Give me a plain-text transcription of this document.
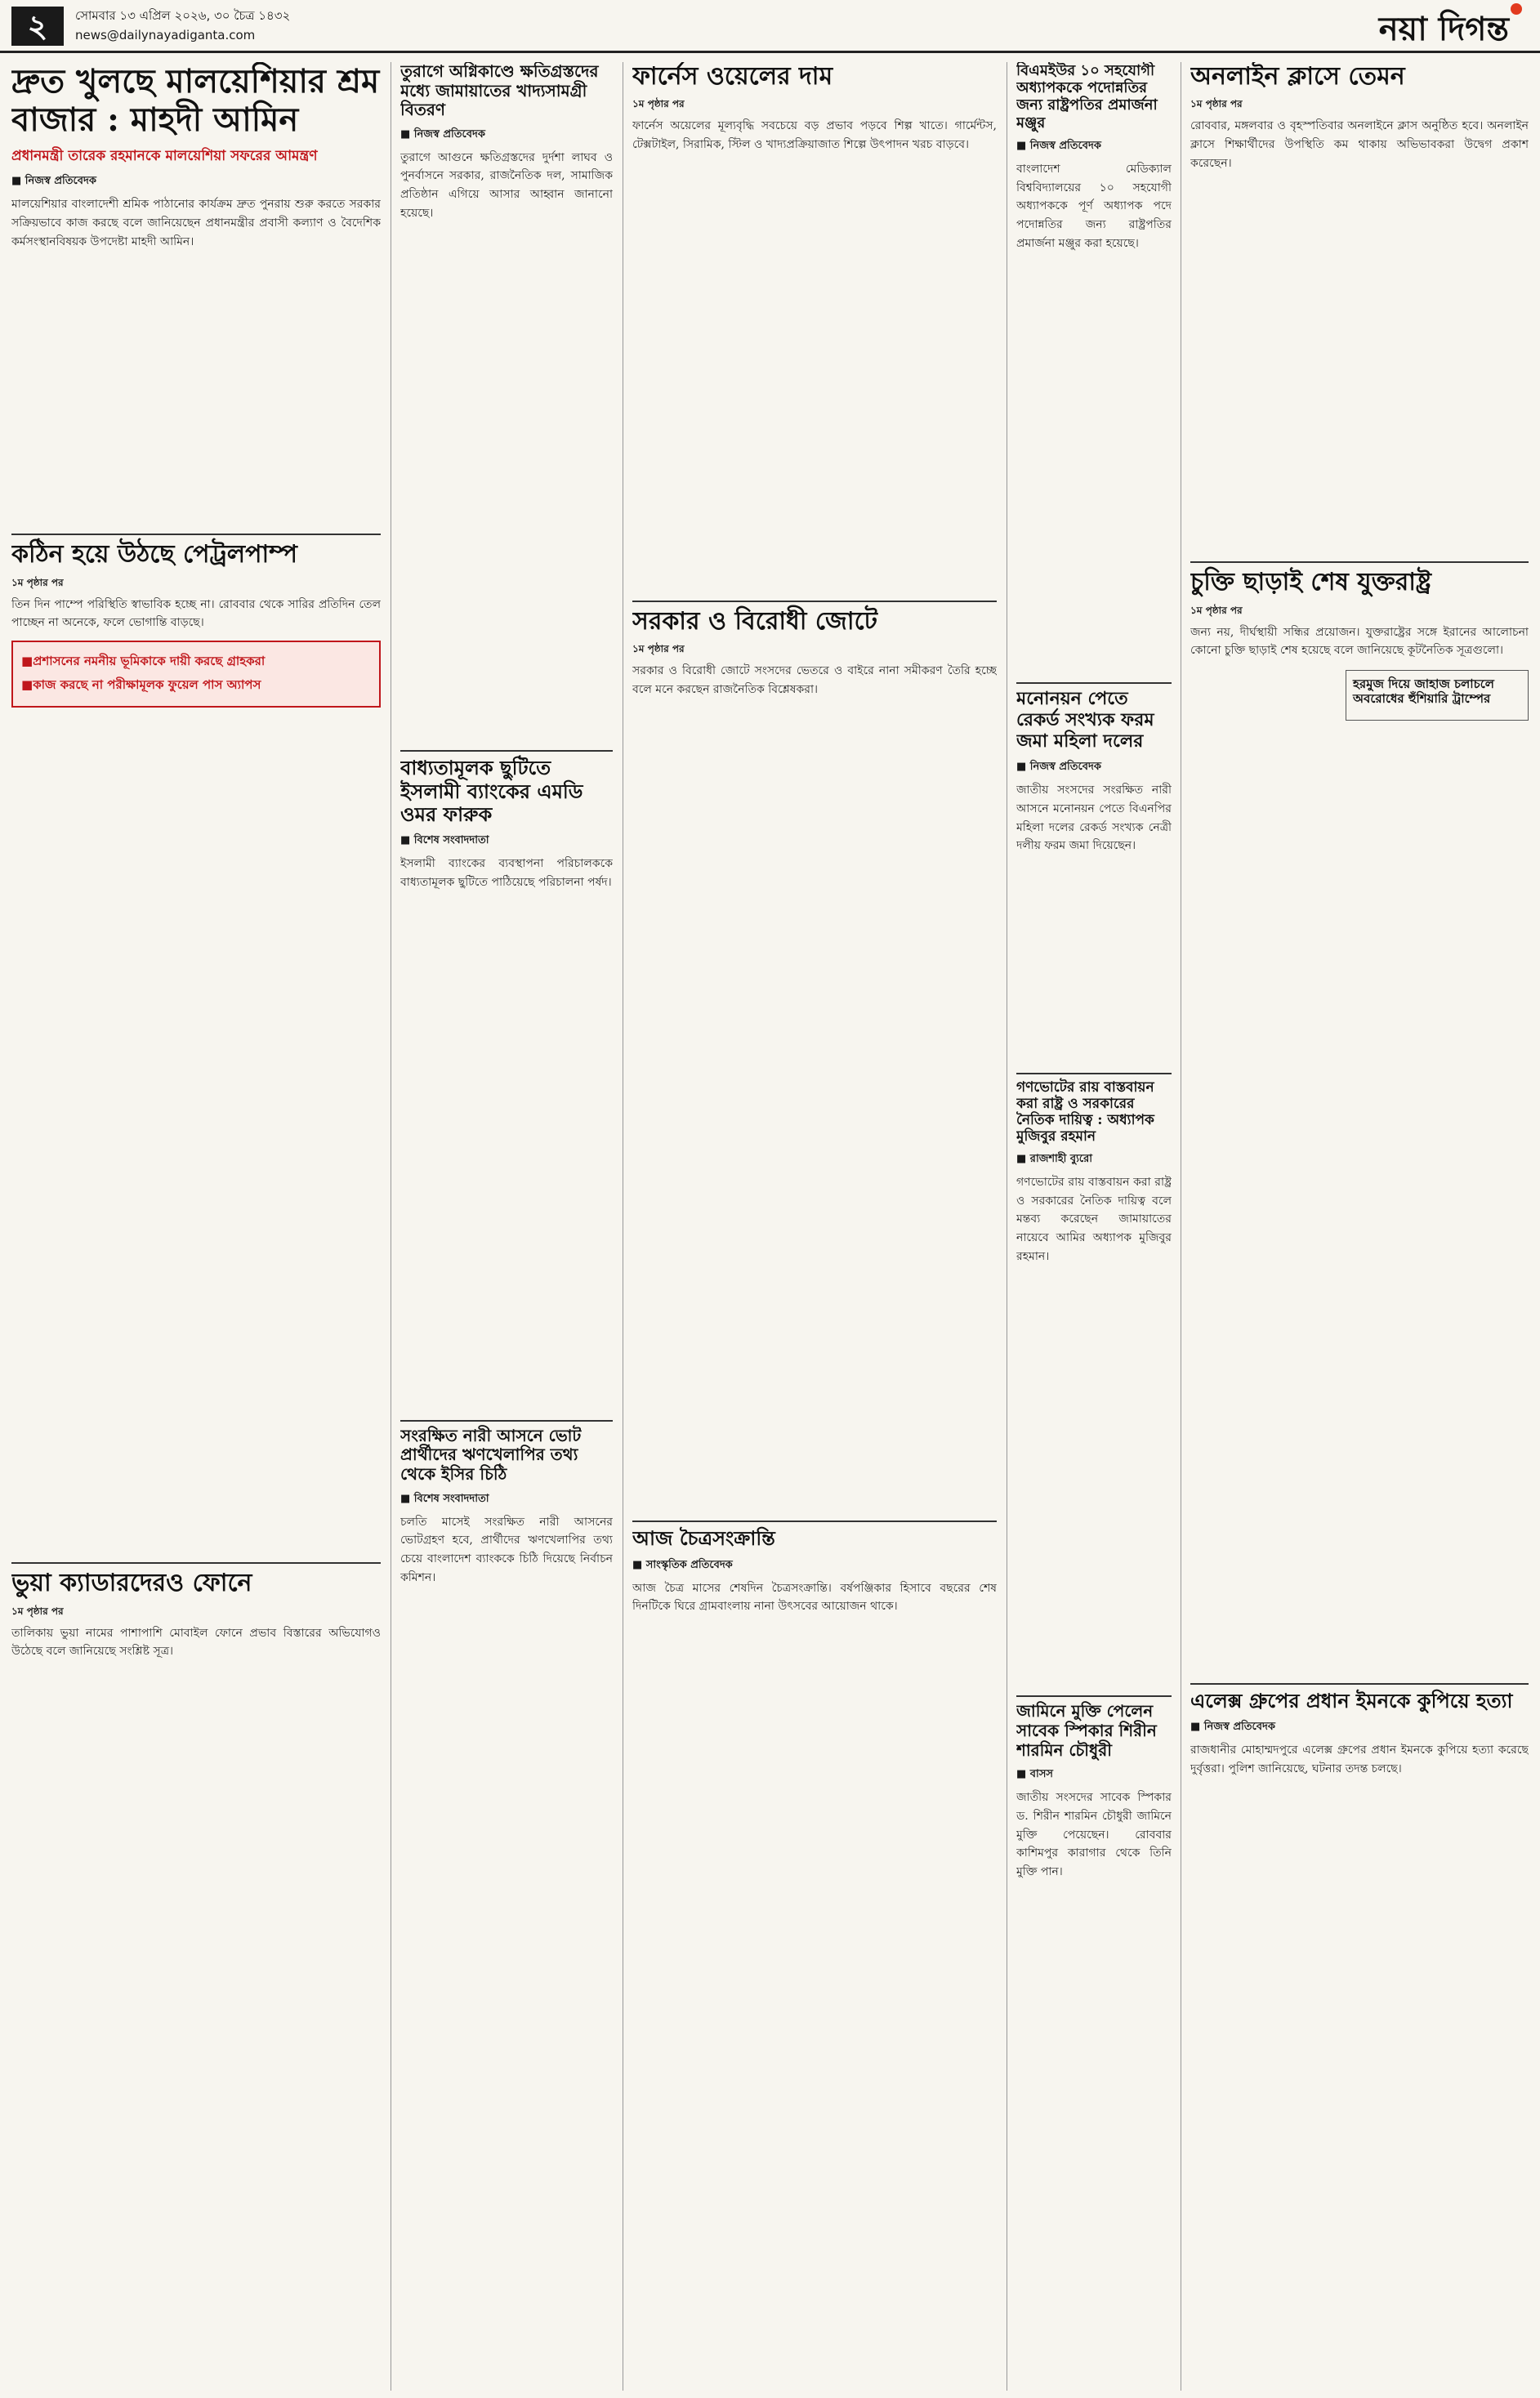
২	সোমবার ১৩ এপ্রিল ২০২৬, ৩০ চৈত্র ১৪৩২
news@dailynayadiganta.com	নয়া দিগন্ত
দ্রুত খুলছে মালয়েশিয়ার শ্রম বাজার : মাহদী আমিন
প্রধানমন্ত্রী তারেক রহমানকে মালয়েশিয়া সফরের আমন্ত্রণ
■ নিজস্ব প্রতিবেদক

মালয়েশিয়ার বাংলাদেশী শ্রমিক পাঠানোর কার্যক্রম দ্রুত পুনরায় শুরু করতে সরকার সক্রিয়ভাবে কাজ করছে বলে জানিয়েছেন প্রধানমন্ত্রীর প্রবাসী কল্যাণ ও বৈদেশিক কর্মসংস্থানবিষয়ক উপদেষ্টা মাহদী আমিন।

কঠিন হয়ে উঠছে পেট্রলপাম্প
১ম পৃষ্ঠার পর

তিন দিন পাম্পে পরিস্থিতি স্বাভাবিক হচ্ছে না। রোববার থেকে সারির প্রতিদিন তেল পাচ্ছেন না অনেকে, ফলে ভোগান্তি বাড়ছে।

■ প্রশাসনের নমনীয় ভূমিকাকে দায়ী করছে গ্রাহকরা
■ কাজ করছে না পরীক্ষামূলক ফুয়েল পাস অ্যাপস

ভুয়া ক্যাডারদেরও ফোনে
১ম পৃষ্ঠার পর

তালিকায় ভুয়া নামের পাশাপাশি মোবাইল ফোনে প্রভাব বিস্তারের অভিযোগও উঠেছে বলে জানিয়েছে সংশ্লিষ্ট সূত্র।

তুরাগে অগ্নিকাণ্ডে ক্ষতিগ্রস্তদের মধ্যে জামায়াতের খাদ্যসামগ্রী বিতরণ
■ নিজস্ব প্রতিবেদক

তুরাগে আগুনে ক্ষতিগ্রস্তদের দুর্দশা লাঘব ও পুনর্বাসনে সরকার, রাজনৈতিক দল, সামাজিক প্রতিষ্ঠান এগিয়ে আসার আহ্বান জানানো হয়েছে।

বাধ্যতামূলক ছুটিতে ইসলামী ব্যাংকের এমডি ওমর ফারুক
■ বিশেষ সংবাদদাতা

ইসলামী ব্যাংকের ব্যবস্থাপনা পরিচালককে বাধ্যতামূলক ছুটিতে পাঠিয়েছে পরিচালনা পর্ষদ।

সংরক্ষিত নারী আসনে ভোট প্রার্থীদের ঋণখেলাপির তথ্য থেকে ইসির চিঠি
■ বিশেষ সংবাদদাতা

চলতি মাসেই সংরক্ষিত নারী আসনের ভোটগ্রহণ হবে, প্রার্থীদের ঋণখেলাপির তথ্য চেয়ে বাংলাদেশ ব্যাংককে চিঠি দিয়েছে নির্বাচন কমিশন।

ফার্নেস ওয়েলের দাম
১ম পৃষ্ঠার পর

ফার্নেস অয়েলের মূল্যবৃদ্ধি সবচেয়ে বড় প্রভাব পড়বে শিল্প খাতে। গার্মেন্টস, টেক্সটাইল, সিরামিক, স্টিল ও খাদ্যপ্রক্রিয়াজাত শিল্পে উৎপাদন খরচ বাড়বে।

সরকার ও বিরোধী জোটে
১ম পৃষ্ঠার পর

সরকার ও বিরোধী জোটে সংসদের ভেতরে ও বাইরে নানা সমীকরণ তৈরি হচ্ছে বলে মনে করছেন রাজনৈতিক বিশ্লেষকরা।

আজ চৈত্রসংক্রান্তি
■ সাংস্কৃতিক প্রতিবেদক

আজ চৈত্র মাসের শেষদিন চৈত্রসংক্রান্তি। বর্ষপঞ্জিকার হিসাবে বছরের শেষ দিনটিকে ঘিরে গ্রামবাংলায় নানা উৎসবের আয়োজন থাকে।

বিএমইউর ১০ সহযোগী অধ্যাপককে পদোন্নতির জন্য রাষ্ট্রপতির প্রমার্জনা মঞ্জুর
■ নিজস্ব প্রতিবেদক

বাংলাদেশ মেডিক্যাল বিশ্ববিদ্যালয়ের ১০ সহযোগী অধ্যাপককে পূর্ণ অধ্যাপক পদে পদোন্নতির জন্য রাষ্ট্রপতির প্রমার্জনা মঞ্জুর করা হয়েছে।

মনোনয়ন পেতে রেকর্ড সংখ্যক ফরম জমা মহিলা দলের
■ নিজস্ব প্রতিবেদক

জাতীয় সংসদের সংরক্ষিত নারী আসনে মনোনয়ন পেতে বিএনপির মহিলা দলের রেকর্ড সংখ্যক নেত্রী দলীয় ফরম জমা দিয়েছেন।

গণভোটের রায় বাস্তবায়ন করা রাষ্ট্র ও সরকারের নৈতিক দায়িত্ব : অধ্যাপক মুজিবুর রহমান
■ রাজশাহী ব্যুরো

গণভোটের রায় বাস্তবায়ন করা রাষ্ট্র ও সরকারের নৈতিক দায়িত্ব বলে মন্তব্য করেছেন জামায়াতের নায়েবে আমির অধ্যাপক মুজিবুর রহমান।

জামিনে মুক্তি পেলেন সাবেক স্পিকার শিরীন শারমিন চৌধুরী
■ বাসস

জাতীয় সংসদের সাবেক স্পিকার ড. শিরীন শারমিন চৌধুরী জামিনে মুক্তি পেয়েছেন। রোববার কাশিমপুর কারাগার থেকে তিনি মুক্তি পান।

অনলাইন ক্লাসে তেমন
১ম পৃষ্ঠার পর

রোববার, মঙ্গলবার ও বৃহস্পতিবার অনলাইনে ক্লাস অনুষ্ঠিত হবে। অনলাইন ক্লাসে শিক্ষার্থীদের উপস্থিতি কম থাকায় অভিভাবকরা উদ্বেগ প্রকাশ করেছেন।

চুক্তি ছাড়াই শেষ যুক্তরাষ্ট্র
১ম পৃষ্ঠার পর

জন্য নয়, দীর্ঘস্থায়ী সন্ধির প্রয়োজন। যুক্তরাষ্ট্রের সঙ্গে ইরানের আলোচনা কোনো চুক্তি ছাড়াই শেষ হয়েছে বলে জানিয়েছে কূটনৈতিক সূত্রগুলো।

হরমুজ দিয়ে জাহাজ চলাচলে অবরোধের হুঁশিয়ারি ট্রাম্পের

এলেক্স গ্রুপের প্রধান ইমনকে কুপিয়ে হত্যা
■ নিজস্ব প্রতিবেদক

রাজধানীর মোহাম্মদপুরে এলেক্স গ্রুপের প্রধান ইমনকে কুপিয়ে হত্যা করেছে দুর্বৃত্তরা। পুলিশ জানিয়েছে, ঘটনার তদন্ত চলছে।
